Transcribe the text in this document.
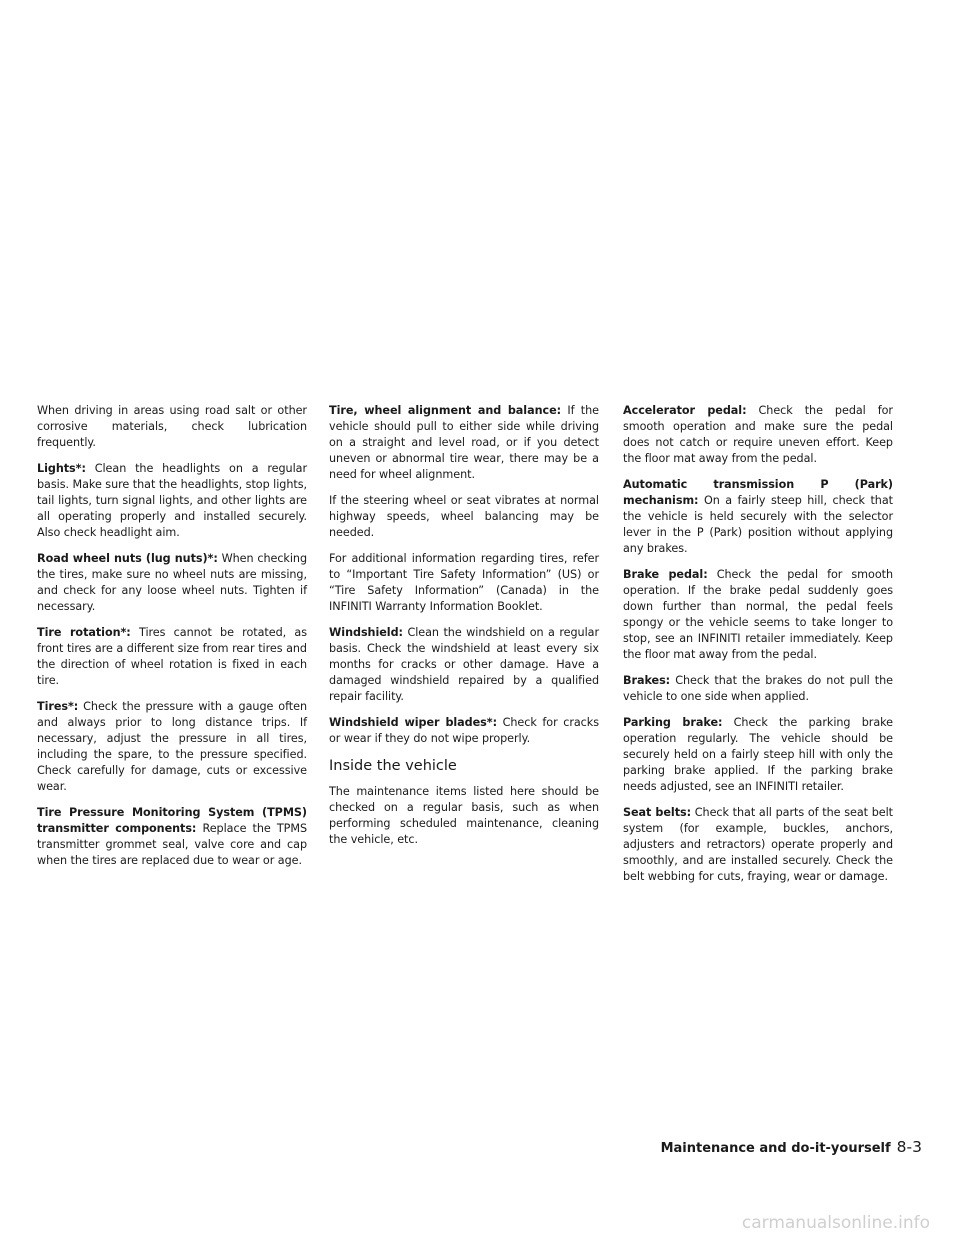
When driving in areas using road salt or other corrosive materials, check lubrication frequently.

Lights*: Clean the headlights on a regular basis. Make sure that the headlights, stop lights, tail lights, turn signal lights, and other lights are all operating properly and installed securely. Also check headlight aim.

Road wheel nuts (lug nuts)*: When checking the tires, make sure no wheel nuts are missing, and check for any loose wheel nuts. Tighten if necessary.

Tire rotation*: Tires cannot be rotated, as front tires are a different size from rear tires and the direction of wheel rotation is fixed in each tire.

Tires*: Check the pressure with a gauge often and always prior to long distance trips. If necessary, adjust the pressure in all tires, including the spare, to the pressure specified. Check carefully for damage, cuts or excessive wear.

Tire Pressure Monitoring System (TPMS) transmitter components: Replace the TPMS transmitter grommet seal, valve core and cap when the tires are replaced due to wear or age.

Tire, wheel alignment and balance: If the vehicle should pull to either side while driving on a straight and level road, or if you detect uneven or abnormal tire wear, there may be a need for wheel alignment.

If the steering wheel or seat vibrates at normal highway speeds, wheel balancing may be needed.

For additional information regarding tires, refer to “Important Tire Safety Information” (US) or “Tire Safety Information” (Canada) in the INFINITI Warranty Information Booklet.

Windshield: Clean the windshield on a regular basis. Check the windshield at least every six months for cracks or other damage. Have a damaged windshield repaired by a qualified repair facility.

Windshield wiper blades*: Check for cracks or wear if they do not wipe properly.

Inside the vehicle

The maintenance items listed here should be checked on a regular basis, such as when performing scheduled maintenance, cleaning the vehicle, etc.

Accelerator pedal: Check the pedal for smooth operation and make sure the pedal does not catch or require uneven effort. Keep the floor mat away from the pedal.

Automatic transmission P (Park) mechanism: On a fairly steep hill, check that the vehicle is held securely with the selector lever in the P (Park) position without applying any brakes.

Brake pedal: Check the pedal for smooth operation. If the brake pedal suddenly goes down further than normal, the pedal feels spongy or the vehicle seems to take longer to stop, see an INFINITI retailer immediately. Keep the floor mat away from the pedal.

Brakes: Check that the brakes do not pull the vehicle to one side when applied.

Parking brake: Check the parking brake operation regularly. The vehicle should be securely held on a fairly steep hill with only the parking brake applied. If the parking brake needs adjusted, see an INFINITI retailer.

Seat belts: Check that all parts of the seat belt system (for example, buckles, anchors, adjusters and retractors) operate properly and smoothly, and are installed securely. Check the belt webbing for cuts, fraying, wear or damage.

Maintenance and do-it-yourself 8-3
carmanualsonline.info
